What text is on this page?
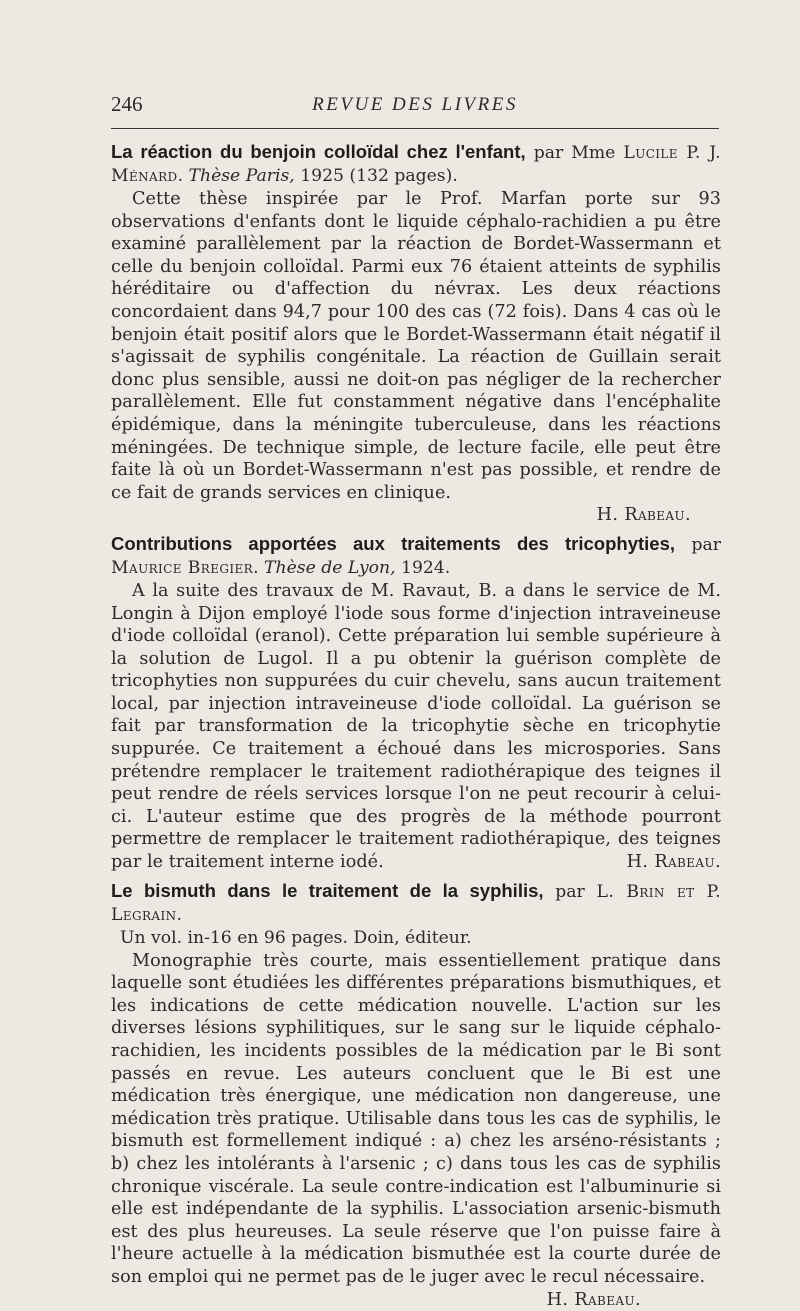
246	REVUE DES LIVRES

La réaction du benjoin colloïdal chez l'enfant, par Mme Lucile P. J. Ménard. Thèse Paris, 1925 (132 pages).

Cette thèse inspirée par le Prof. Marfan porte sur 93 observations d'enfants dont le liquide céphalo-rachidien a pu être examiné parallèlement par la réaction de Bordet-Wassermann et celle du benjoin colloïdal. Parmi eux 76 étaient atteints de syphilis héréditaire ou d'affection du névrax. Les deux réactions concordaient dans 94,7 pour 100 des cas (72 fois). Dans 4 cas où le benjoin était positif alors que le Bordet-Wassermann était négatif il s'agissait de syphilis congénitale. La réaction de Guillain serait donc plus sensible, aussi ne doit-on pas négliger de la rechercher parallèlement. Elle fut constamment négative dans l'encéphalite épidémique, dans la méningite tuberculeuse, dans les réactions méningées. De technique simple, de lecture facile, elle peut être faite là où un Bordet-Wassermann n'est pas possible, et rendre de ce fait de grands services en clinique.

H. Rabeau.

Contributions apportées aux traitements des tricophyties, par Maurice Bregier. Thèse de Lyon, 1924.

A la suite des travaux de M. Ravaut, B. a dans le service de M. Longin à Dijon employé l'iode sous forme d'injection intraveineuse d'iode colloïdal (eranol). Cette préparation lui semble supérieure à la solution de Lugol. Il a pu obtenir la guérison complète de tricophyties non suppurées du cuir chevelu, sans aucun traitement local, par injection intraveineuse d'iode colloïdal. La guérison se fait par transformation de la tricophytie sèche en tricophytie suppurée. Ce traitement a échoué dans les microspories. Sans prétendre remplacer le traitement radiothérapique des teignes il peut rendre de réels services lorsque l'on ne peut recourir à celui-ci. L'auteur estime que des progrès de la méthode pourront permettre de remplacer le traitement radiothérapique, des teignes par le traitement interne iodé.	H. Rabeau.

Le bismuth dans le traitement de la syphilis, par L. Brin et P. Legrain.
Un vol. in-16 en 96 pages. Doin, éditeur.

Monographie très courte, mais essentiellement pratique dans laquelle sont étudiées les différentes préparations bismuthiques, et les indications de cette médication nouvelle. L'action sur les diverses lésions syphilitiques, sur le sang sur le liquide céphalo-rachidien, les incidents possibles de la médication par le Bi sont passés en revue. Les auteurs concluent que le Bi est une médication très énergique, une médication non dangereuse, une médication très pratique. Utilisable dans tous les cas de syphilis, le bismuth est formellement indiqué : a) chez les arséno-résistants ; b) chez les intolérants à l'arsenic ; c) dans tous les cas de syphilis chronique viscérale. La seule contre-indication est l'albuminurie si elle est indépendante de la syphilis. L'association arsenic-bismuth est des plus heureuses. La seule réserve que l'on puisse faire à l'heure actuelle à la médication bismuthée est la courte durée de son emploi qui ne permet pas de le juger avec le recul nécessaire.
H. Rabeau.
